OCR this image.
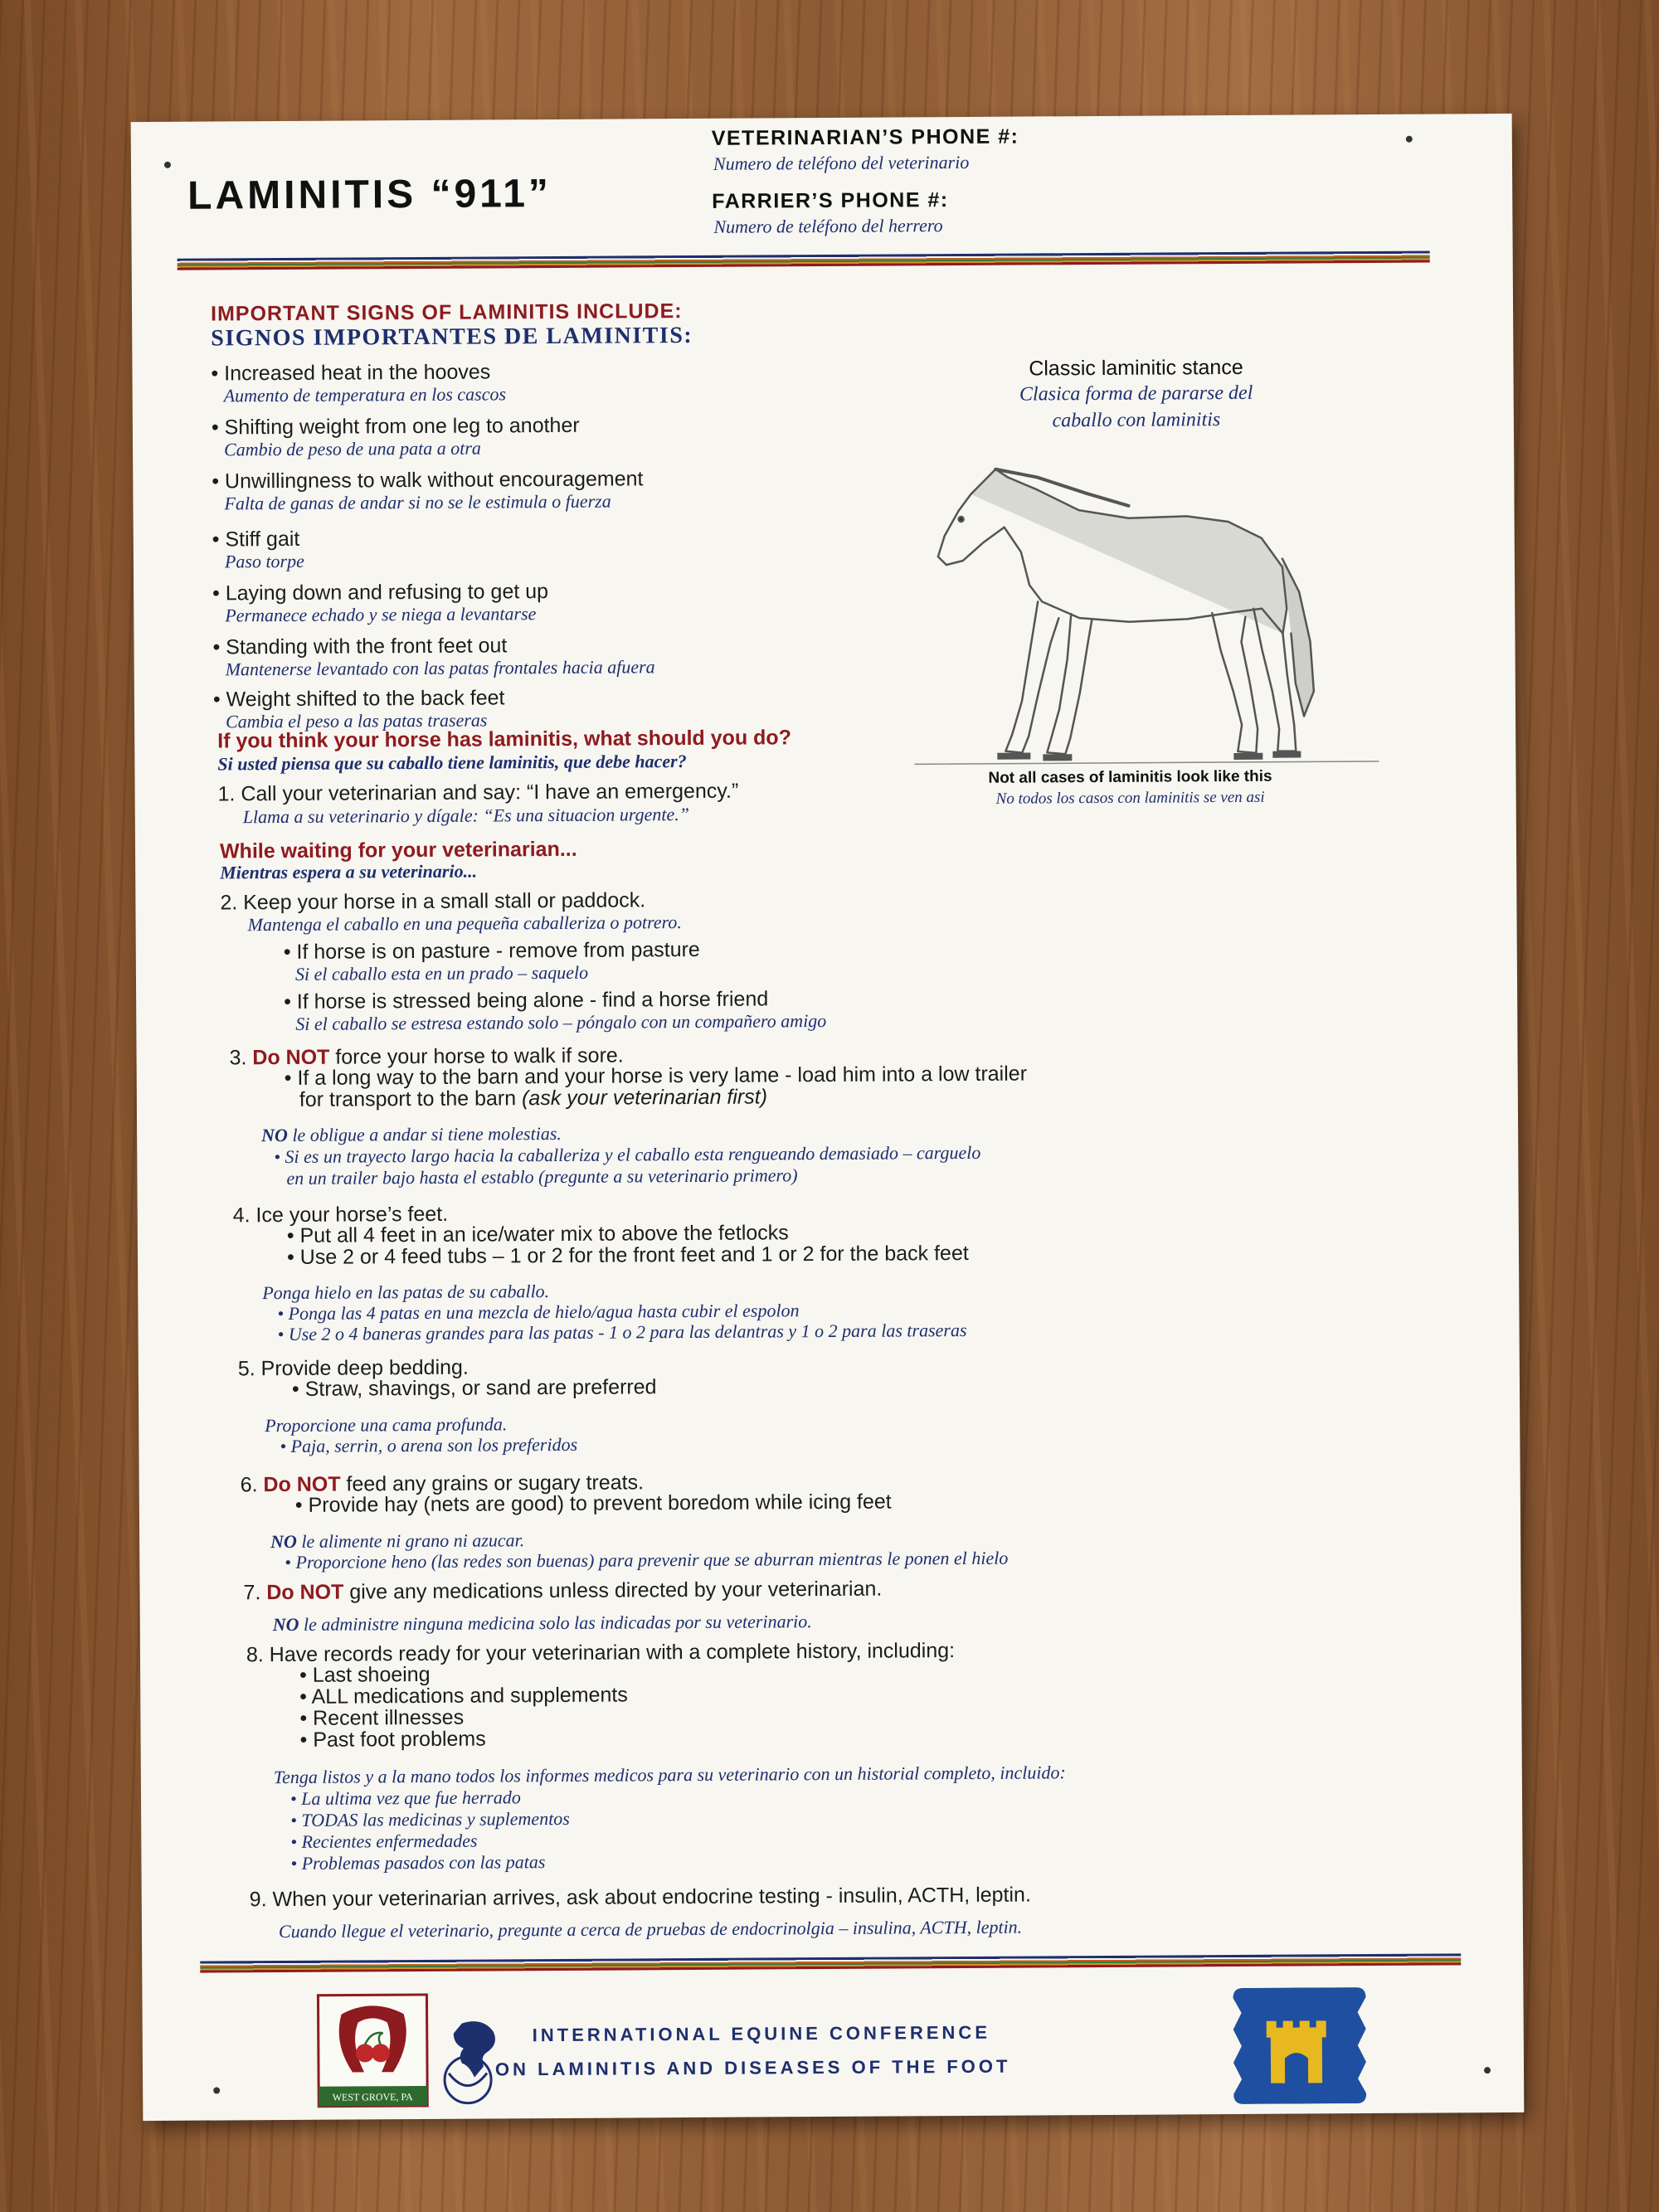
LAMINITIS “911”
VETERINARIAN’S PHONE #:
Numero de teléfono del veterinario
FARRIER’S PHONE #:
Numero de teléfono del herrero
IMPORTANT SIGNS OF LAMINITIS INCLUDE:
SIGNOS IMPORTANTES DE LAMINITIS:
• Increased heat in the hooves
Aumento de temperatura en los cascos
• Shifting weight from one leg to another
Cambio de peso de una pata a otra
• Unwillingness to walk without encouragement
Falta de ganas de andar si no se le estimula o fuerza
• Stiff gait
Paso torpe
• Laying down and refusing to get up
Permanece echado y se niega a levantarse
• Standing with the front feet out
Mantenerse levantado con las patas frontales hacia afuera
• Weight shifted to the back feet
Cambia el peso a las patas traseras
Classic laminitic stance
Clasica forma de pararse del
caballo con laminitis
Not all cases of laminitis look like this
No todos los casos con laminitis se ven asi
If you think your horse has laminitis, what should you do?
Si usted piensa que su caballo tiene laminitis, que debe hacer?
1. Call your veterinarian and say: “I have an emergency.”
Llama a su veterinario y dígale: “Es una situacion urgente.”
While waiting for your veterinarian...
Mientras espera a su veterinario...
2. Keep your horse in a small stall or paddock.
Mantenga el caballo en una pequeña caballeriza o potrero.
• If horse is on pasture - remove from pasture
Si el caballo esta en un prado – saquelo
• If horse is stressed being alone - find a horse friend
Si el caballo se estresa estando solo – póngalo con un compañero amigo
3. Do NOT force your horse to walk if sore.
• If a long way to the barn and your horse is very lame - load him into a low trailer
for transport to the barn (ask your veterinarian first)
NO le obligue a andar si tiene molestias.
• Si es un trayecto largo hacia la caballeriza y el caballo esta rengueando demasiado – carguelo
en un trailer bajo hasta el establo (pregunte a su veterinario primero)
4. Ice your horse’s feet.
• Put all 4 feet in an ice/water mix to above the fetlocks
• Use 2 or 4 feed tubs – 1 or 2 for the front feet and 1 or 2 for the back feet
Ponga hielo en las patas de su caballo.
• Ponga las 4 patas en una mezcla de hielo/agua hasta cubir el espolon
• Use 2 o 4 baneras grandes para las patas - 1 o 2 para las delantras y 1 o 2 para las traseras
5. Provide deep bedding.
• Straw, shavings, or sand are preferred
Proporcione una cama profunda.
• Paja, serrin, o arena son los preferidos
6. Do NOT feed any grains or sugary treats.
• Provide hay (nets are good) to prevent boredom while icing feet
NO le alimente ni grano ni azucar.
• Proporcione heno (las redes son buenas) para prevenir que se aburran mientras le ponen el hielo
7. Do NOT give any medications unless directed by your veterinarian.
NO le administre ninguna medicina solo las indicadas por su veterinario.
8. Have records ready for your veterinarian with a complete history, including:
• Last shoeing
• ALL medications and supplements
• Recent illnesses
• Past foot problems
Tenga listos y a la mano todos los informes medicos para su veterinario con un historial completo, incluido:
• La ultima vez que fue herrado
• TODAS las medicinas y suplementos
• Recientes enfermedades
• Problemas pasados con las patas
9. When your veterinarian arrives, ask about endocrine testing - insulin, ACTH, leptin.
Cuando llegue el veterinario, pregunte a cerca de pruebas de endocrinolgia – insulina, ACTH, leptin.
WEST GROVE, PA
INTERNATIONAL EQUINE CONFERENCE
ON LAMINITIS AND DISEASES OF THE FOOT
